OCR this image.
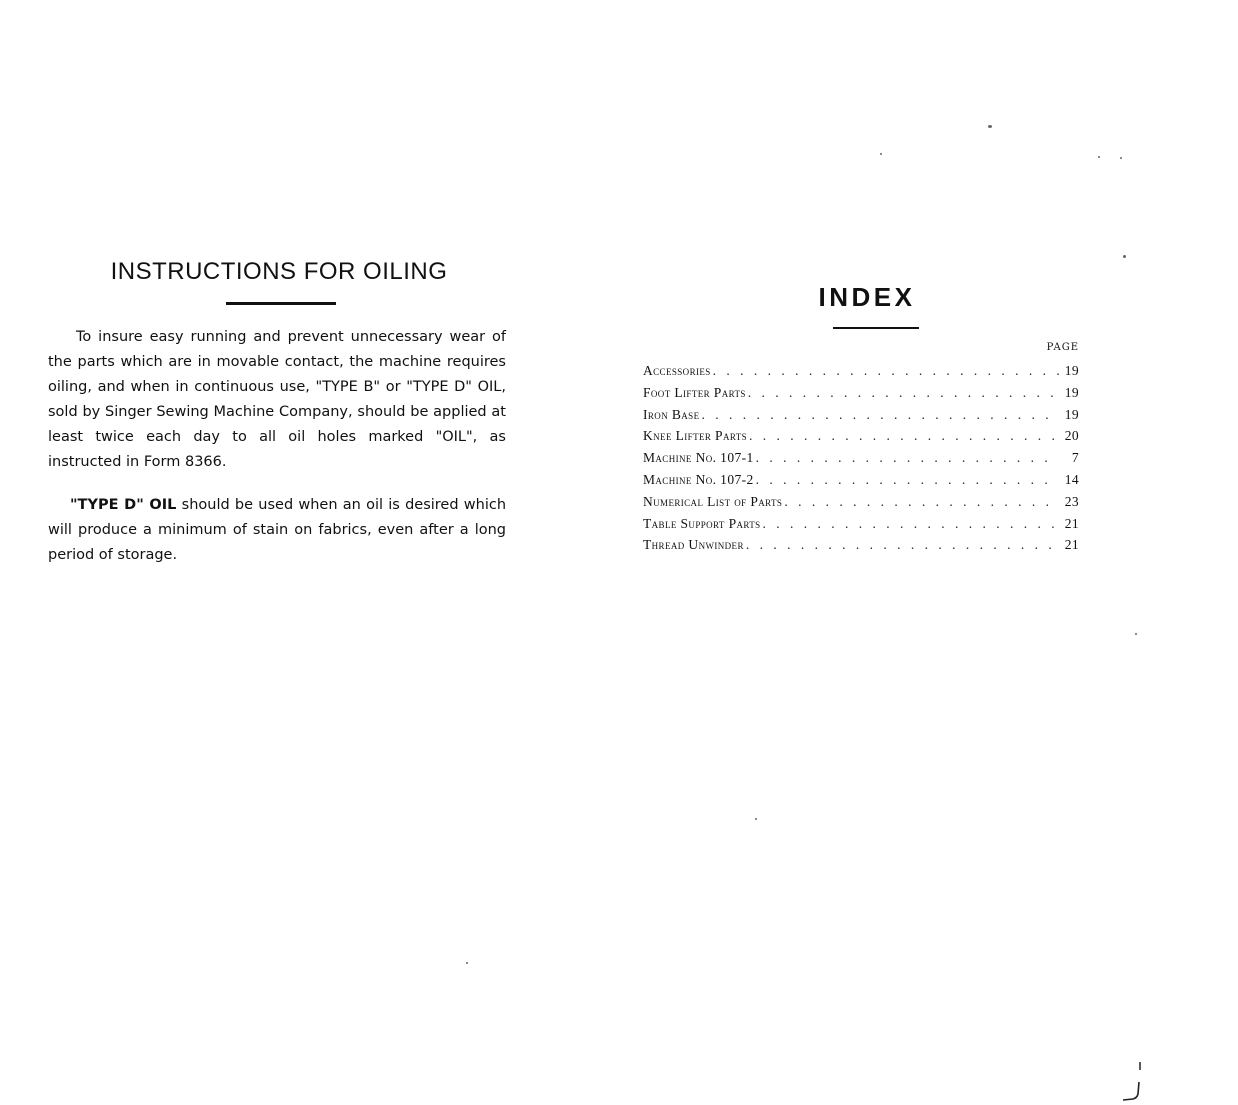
INSTRUCTIONS FOR OILING

To insure easy running and prevent unnecessary wear of the parts which are in movable contact, the machine requires oiling, and when in continuous use, "TYPE B" or "TYPE D" OIL, sold by Singer Sewing Machine Company, should be applied at least twice each day to all oil holes marked "OIL", as instructed in Form 8366.

"TYPE D" OIL should be used when an oil is desired which will produce a minimum of stain on fabrics, even after a long period of storage.

INDEX
PAGE
Accessories . . .	19
Foot Lifter Parts . . .	19
Iron Base . . .	19
Knee Lifter Parts . . .	20
Machine No. 107-1 . . .	7
Machine No. 107-2 . . .	14
Numerical List of Parts . . .	23
Table Support Parts . . .	21
Thread Unwinder . . .	21
